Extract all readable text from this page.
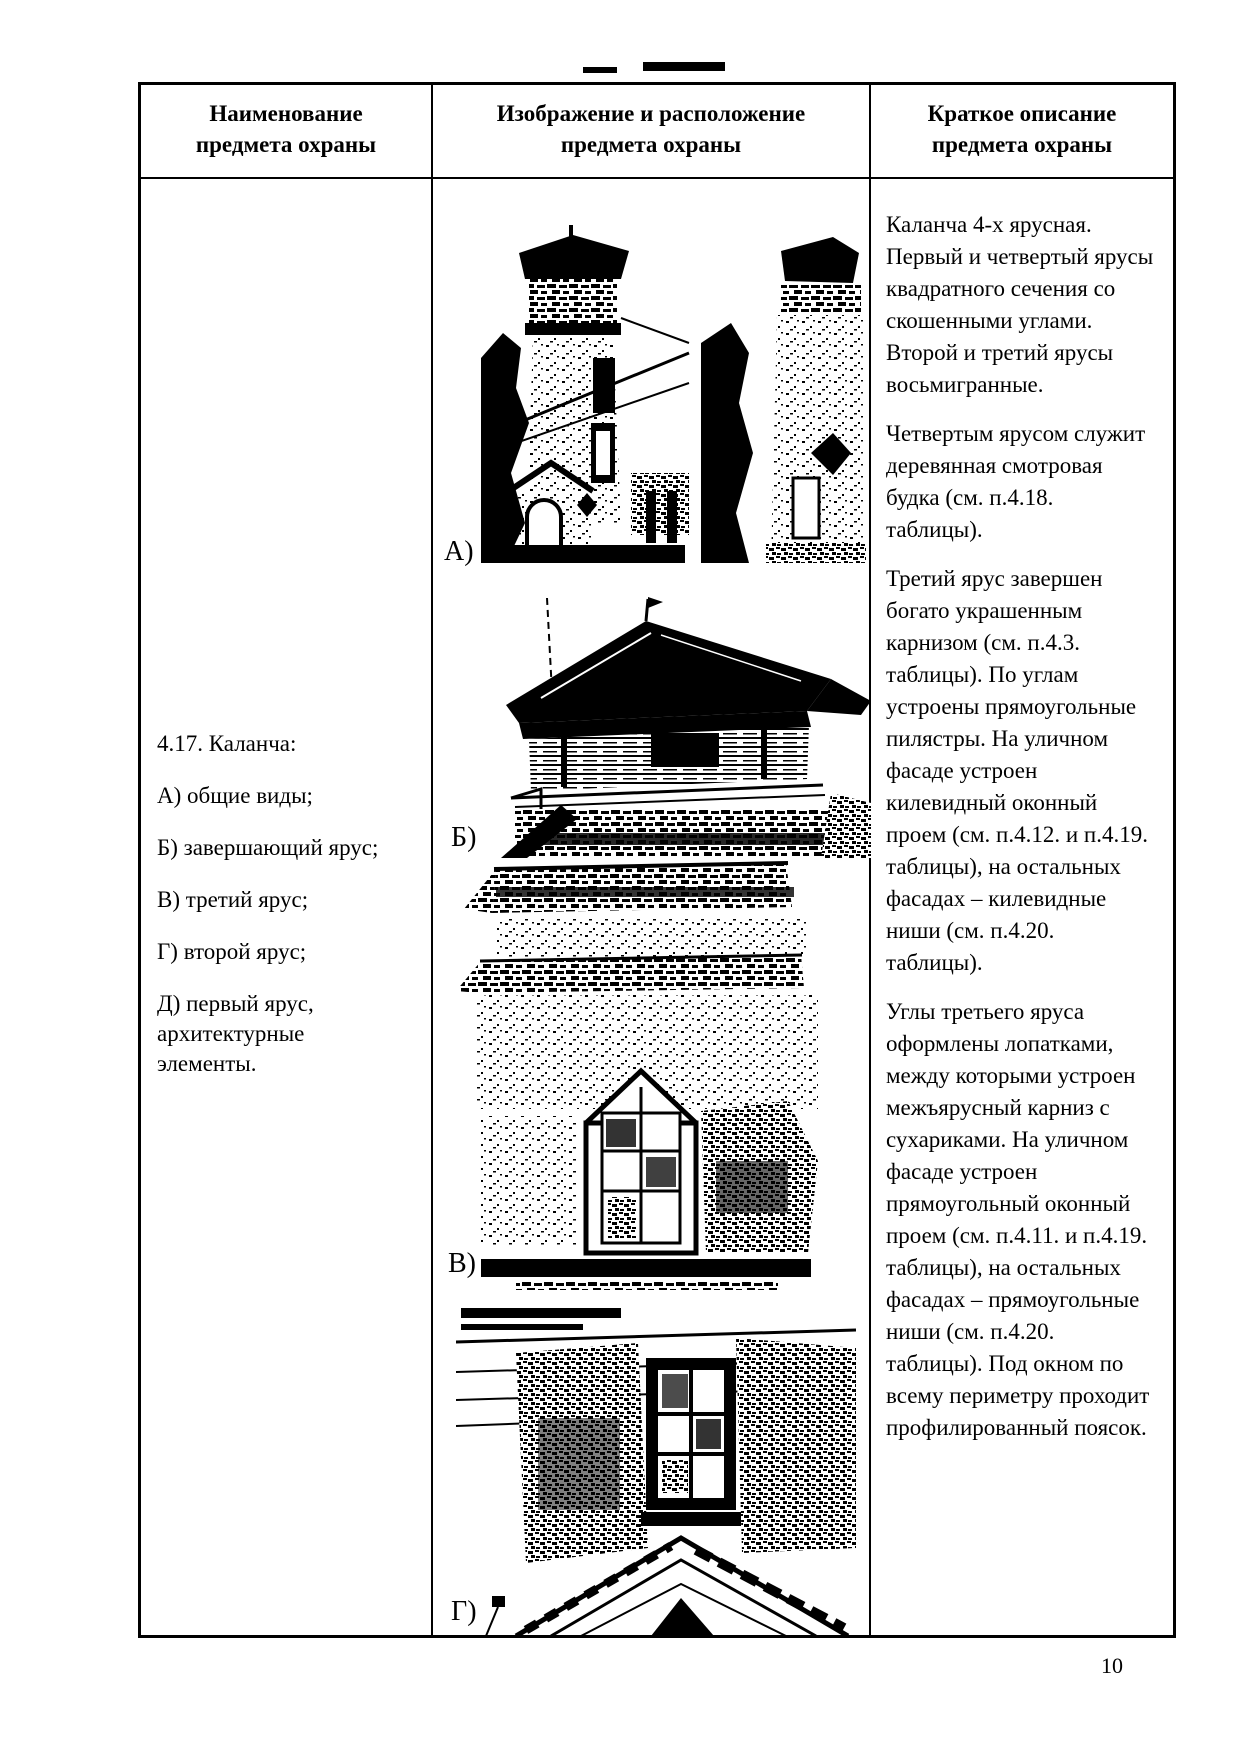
Наименование предмета охраны
Изображение и расположение предмета охраны
Краткое описание предмета охраны

4.17. Каланча:

А) общие виды;

Б) завершающий ярус;

В) третий ярус;

Г) второй ярус;

Д) первый ярус, архитектурные элементы.

А)
Б)
В)
Г)

Каланча 4-х ярусная. Первый и четвертый ярусы квадратного сечения со скошенными углами. Второй и третий ярусы восьмигранные.

Четвертым ярусом служит деревянная смотровая будка (см. п.4.18. таблицы).

Третий ярус завершен богато украшенным карнизом (см. п.4.3. таблицы). По углам устроены прямоугольные пилястры. На уличном фасаде устроен килевидный оконный проем (см. п.4.12. и п.4.19. таблицы), на остальных фасадах – килевидные ниши (см. п.4.20. таблицы).

Углы третьего яруса оформлены лопатками, между которыми устроен межъярусный карниз с сухариками. На уличном фасаде устроен прямоугольный оконный проем (см. п.4.11. и п.4.19. таблицы), на остальных фасадах – прямоугольные ниши (см. п.4.20. таблицы). Под окном по всему периметру проходит профилированный поясок.

10
